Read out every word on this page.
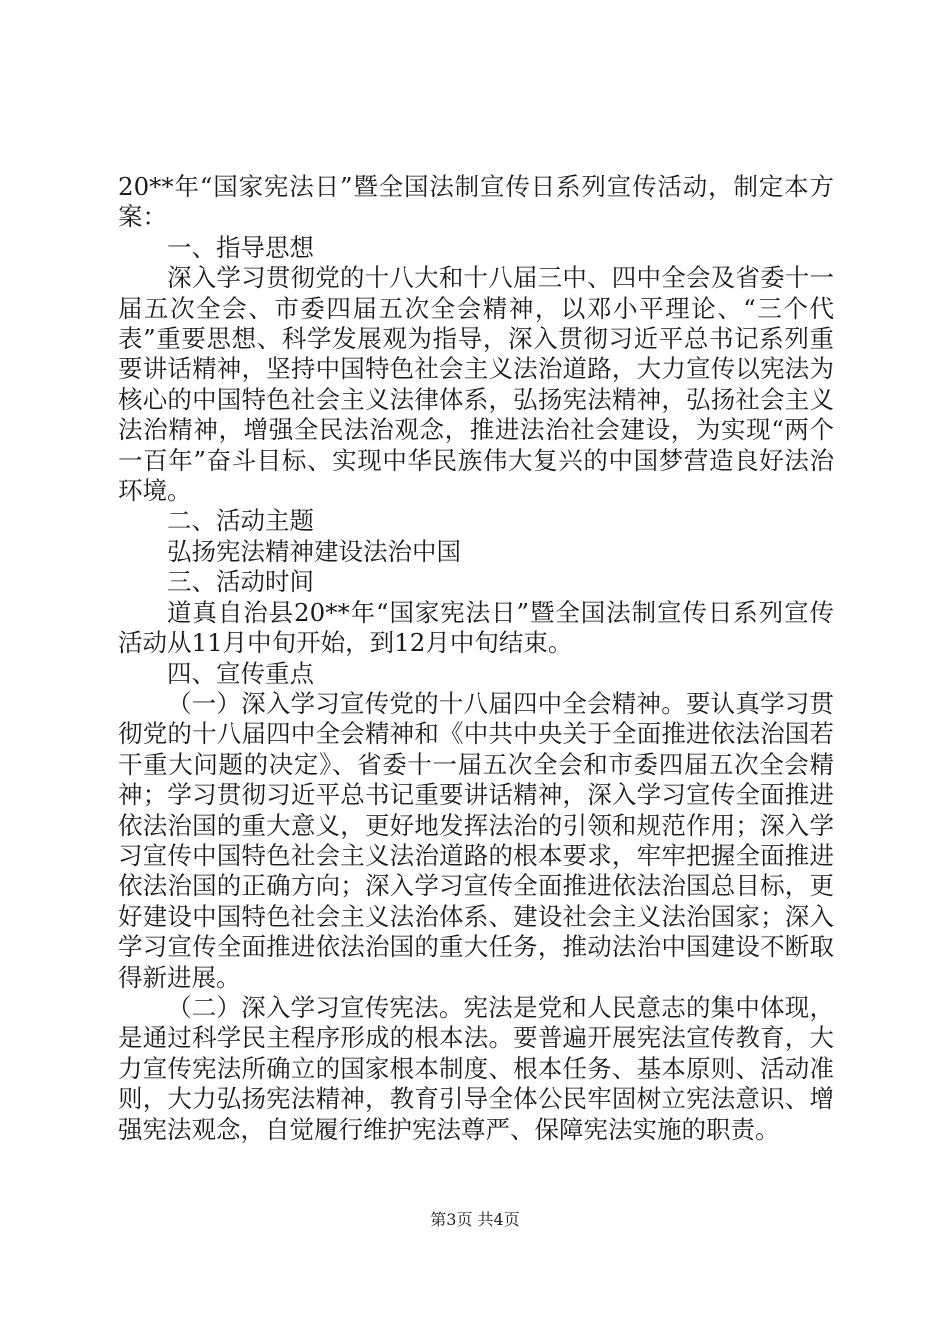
20**年“国家宪法日”暨全国法制宣传日系列宣传活动，制定本方案：

一、指导思想

深入学习贯彻党的十八大和十八届三中、四中全会及省委十一届五次全会、市委四届五次全会精神，以邓小平理论、“三个代表”重要思想、科学发展观为指导，深入贯彻习近平总书记系列重要讲话精神，坚持中国特色社会主义法治道路，大力宣传以宪法为核心的中国特色社会主义法律体系，弘扬宪法精神，弘扬社会主义法治精神，增强全民法治观念，推进法治社会建设，为实现“两个一百年”奋斗目标、实现中华民族伟大复兴的中国梦营造良好法治环境。

二、活动主题

弘扬宪法精神建设法治中国

三、活动时间

道真自治县20**年“国家宪法日”暨全国法制宣传日系列宣传活动从11月中旬开始，到12月中旬结束。

四、宣传重点

（一）深入学习宣传党的十八届四中全会精神。要认真学习贯彻党的十八届四中全会精神和《中共中央关于全面推进依法治国若干重大问题的决定》、省委十一届五次全会和市委四届五次全会精神；学习贯彻习近平总书记重要讲话精神，深入学习宣传全面推进依法治国的重大意义，更好地发挥法治的引领和规范作用；深入学习宣传中国特色社会主义法治道路的根本要求，牢牢把握全面推进依法治国的正确方向；深入学习宣传全面推进依法治国总目标，更好建设中国特色社会主义法治体系、建设社会主义法治国家；深入学习宣传全面推进依法治国的重大任务，推动法治中国建设不断取得新进展。

（二）深入学习宣传宪法。宪法是党和人民意志的集中体现，是通过科学民主程序形成的根本法。要普遍开展宪法宣传教育，大力宣传宪法所确立的国家根本制度、根本任务、基本原则、活动准则，大力弘扬宪法精神，教育引导全体公民牢固树立宪法意识、增强宪法观念，自觉履行维护宪法尊严、保障宪法实施的职责。

第3页 共4页
